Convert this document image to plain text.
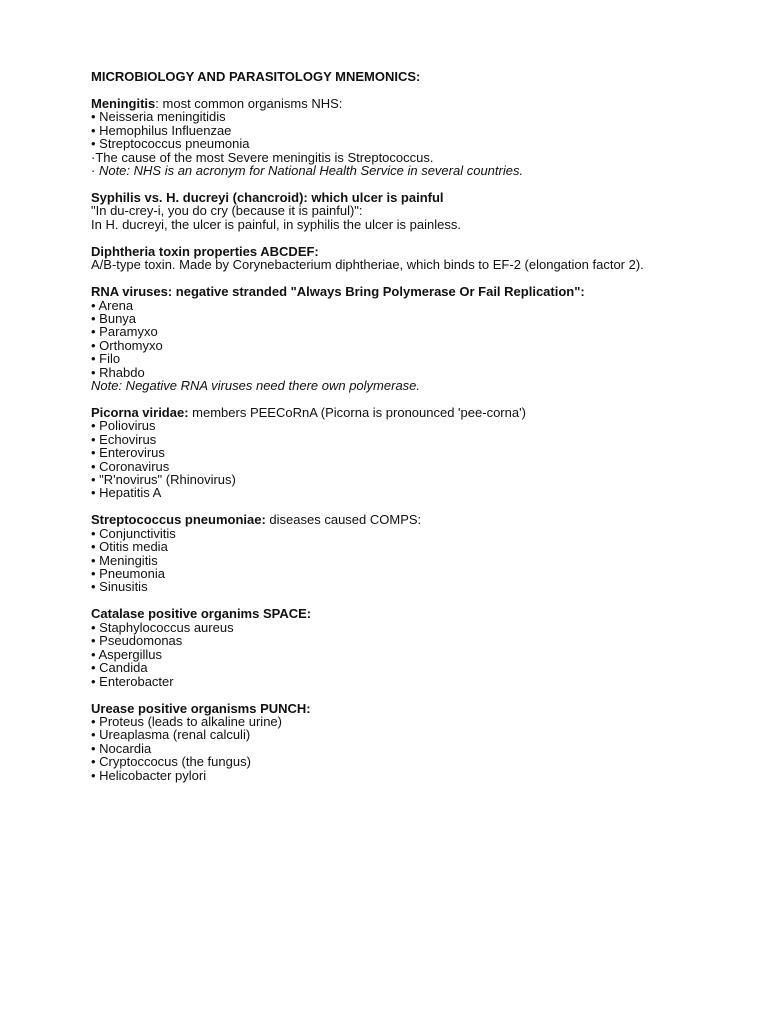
MICROBIOLOGY AND PARASITOLOGY MNEMONICS:
Meningitis: most common organisms NHS:
• Neisseria meningitidis
• Hemophilus Influenzae
• Streptococcus pneumonia
·The cause of the most Severe meningitis is Streptococcus.
· Note: NHS is an acronym for National Health Service in several countries.
Syphilis vs. H. ducreyi (chancroid): which ulcer is painful
"In du-crey-i, you do cry (because it is painful)":
In H. ducreyi, the ulcer is painful, in syphilis the ulcer is painless.
Diphtheria toxin properties ABCDEF:
A/B-type toxin. Made by Corynebacterium diphtheriae, which binds to EF-2 (elongation factor 2).
RNA viruses: negative stranded "Always Bring Polymerase Or Fail Replication":
• Arena
• Bunya
• Paramyxo
• Orthomyxo
• Filo
• Rhabdo
Note: Negative RNA viruses need there own polymerase.
Picorna viridae: members PEECoRnA (Picorna is pronounced 'pee-corna')
• Poliovirus
• Echovirus
• Enterovirus
• Coronavirus
• "R'novirus" (Rhinovirus)
• Hepatitis A
Streptococcus pneumoniae: diseases caused COMPS:
• Conjunctivitis
• Otitis media
• Meningitis
• Pneumonia
• Sinusitis
Catalase positive organims SPACE:
• Staphylococcus aureus
• Pseudomonas
• Aspergillus
• Candida
• Enterobacter
Urease positive organisms PUNCH:
• Proteus (leads to alkaline urine)
• Ureaplasma (renal calculi)
• Nocardia
• Cryptoccocus (the fungus)
• Helicobacter pylori
